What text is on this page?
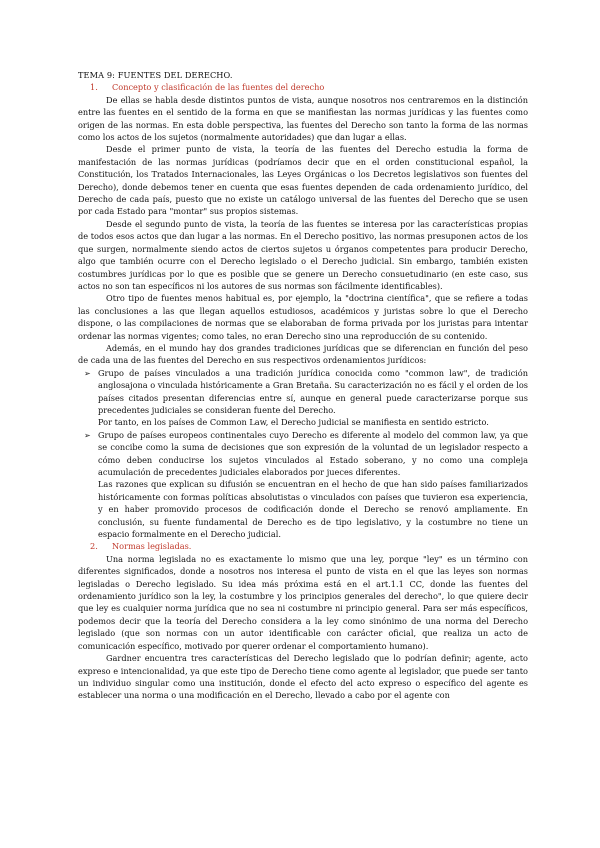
TEMA 9: FUENTES DEL DERECHO.

1.	Concepto y clasificación de las fuentes del derecho

De ellas se habla desde distintos puntos de vista, aunque nosotros nos centraremos en la distinción entre las fuentes en el sentido de la forma en que se manifiestan las normas jurídicas y las fuentes como origen de las normas. En esta doble perspectiva, las fuentes del Derecho son tanto la forma de las normas como los actos de los sujetos (normalmente autoridades) que dan lugar a ellas.

Desde el primer punto de vista, la teoría de las fuentes del Derecho estudia la forma de manifestación de las normas jurídicas (podríamos decir que en el orden constitucional español, la Constitución, los Tratados Internacionales, las Leyes Orgánicas o los Decretos legislativos son fuentes del Derecho), donde debemos tener en cuenta que esas fuentes dependen de cada ordenamiento jurídico, del Derecho de cada país, puesto que no existe un catálogo universal de las fuentes del Derecho que se usen por cada Estado para "montar" sus propios sistemas.

Desde el segundo punto de vista, la teoría de las fuentes se interesa por las características propias de todos esos actos que dan lugar a las normas. En el Derecho positivo, las normas presuponen actos de los que surgen, normalmente siendo actos de ciertos sujetos u órganos competentes para producir Derecho, algo que también ocurre con el Derecho legislado o el Derecho judicial. Sin embargo, también existen costumbres jurídicas por lo que es posible que se genere un Derecho consuetudinario (en este caso, sus actos no son tan específicos ni los autores de sus normas son fácilmente identificables).

Otro tipo de fuentes menos habitual es, por ejemplo, la "doctrina científica", que se refiere a todas las conclusiones a las que llegan aquellos estudiosos, académicos y juristas sobre lo que el Derecho dispone, o las compilaciones de normas que se elaboraban de forma privada por los juristas para intentar ordenar las normas vigentes; como tales, no eran Derecho sino una reproducción de su contenido.

Además, en el mundo hay dos grandes tradiciones jurídicas que se diferencian en función del peso de cada una de las fuentes del Derecho en sus respectivos ordenamientos jurídicos:

➢ Grupo de países vinculados a una tradición jurídica conocida como "common law", de tradición anglosajona o vinculada históricamente a Gran Bretaña. Su caracterización no es fácil y el orden de los países citados presentan diferencias entre sí, aunque en general puede caracterizarse porque sus precedentes judiciales se consideran fuente del Derecho.

Por tanto, en los países de Common Law, el Derecho judicial se manifiesta en sentido estricto.

➢ Grupo de países europeos continentales cuyo Derecho es diferente al modelo del common law, ya que se concibe como la suma de decisiones que son expresión de la voluntad de un legislador respecto a cómo deben conducirse los sujetos vinculados al Estado soberano, y no como una compleja acumulación de precedentes judiciales elaborados por jueces diferentes.

Las razones que explican su difusión se encuentran en el hecho de que han sido países familiarizados históricamente con formas políticas absolutistas o vinculados con países que tuvieron esa experiencia, y en haber promovido procesos de codificación donde el Derecho se renovó ampliamente. En conclusión, su fuente fundamental de Derecho es de tipo legislativo, y la costumbre no tiene un espacio formalmente en el Derecho judicial.

2.	Normas legisladas.

Una norma legislada no es exactamente lo mismo que una ley, porque "ley" es un término con diferentes significados, donde a nosotros nos interesa el punto de vista en el que las leyes son normas legisladas o Derecho legislado. Su idea más próxima está en el art.1.1 CC, donde las fuentes del ordenamiento jurídico son la ley, la costumbre y los principios generales del derecho", lo que quiere decir que ley es cualquier norma jurídica que no sea ni costumbre ni principio general. Para ser más específicos, podemos decir que la teoría del Derecho considera a la ley como sinónimo de una norma del Derecho legislado (que son normas con un autor identificable con carácter oficial, que realiza un acto de comunicación específico, motivado por querer ordenar el comportamiento humano).

Gardner encuentra tres características del Derecho legislado que lo podrían definir; agente, acto expreso e intencionalidad, ya que este tipo de Derecho tiene como agente al legislador, que puede ser tanto un individuo singular como una institución, donde el efecto del acto expreso o específico del agente es establecer una norma o una modificación en el Derecho, llevado a cabo por el agente con
